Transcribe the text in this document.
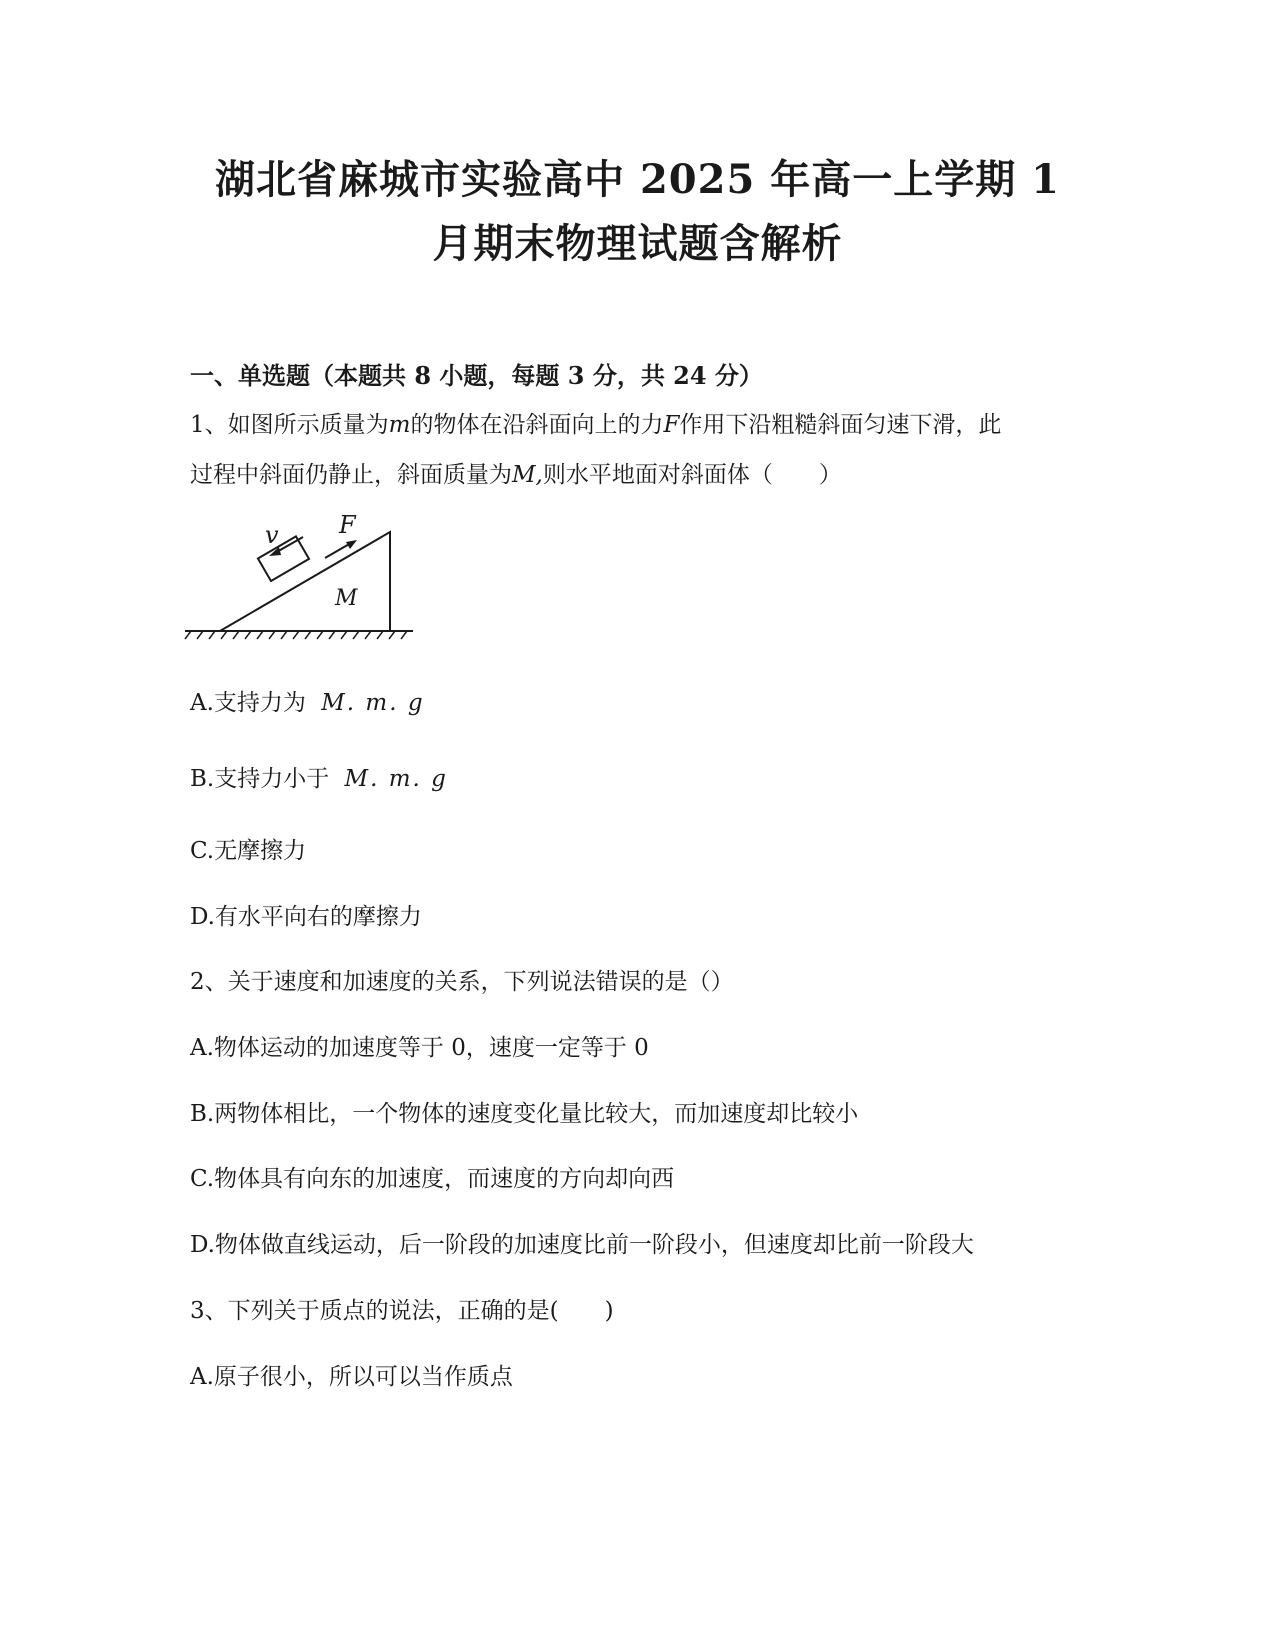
湖北省麻城市实验高中 2025 年高一上学期 1
月期末物理试题含解析
一、单选题（本题共 8 小题，每题 3 分，共 24 分）
1、如图所示质量为m的物体在沿斜面向上的力F作用下沿粗糙斜面匀速下滑，此
过程中斜面仍静止，斜面质量为M,则水平地面对斜面体（　　）
v	F
M
A.支持力为 M. m. g
B.支持力小于 M. m. g
C.无摩擦力
D.有水平向右的摩擦力
2、关于速度和加速度的关系，下列说法错误的是（）
A.物体运动的加速度等于 0，速度一定等于 0
B.两物体相比，一个物体的速度变化量比较大，而加速度却比较小
C.物体具有向东的加速度，而速度的方向却向西
D.物体做直线运动，后一阶段的加速度比前一阶段小，但速度却比前一阶段大
3、下列关于质点的说法，正确的是(　　)
A.原子很小，所以可以当作质点
